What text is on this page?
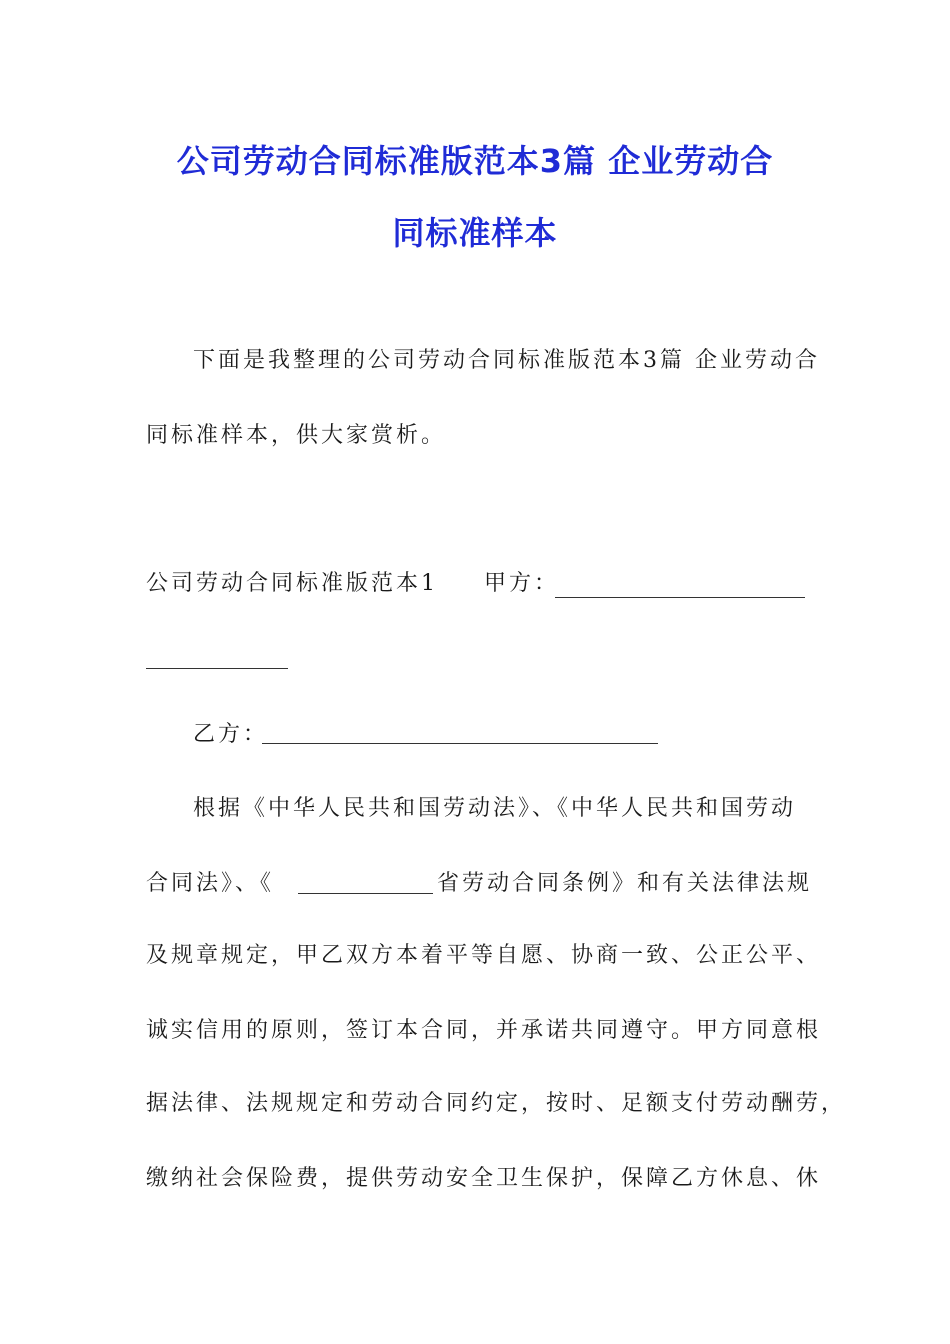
公司劳动合同标准版范本3篇 企业劳动合
同标准样本
下面是我整理的公司劳动合同标准版范本3篇 企业劳动合
同标准样本，供大家赏析。
公司劳动合同标准版范本1 甲方：
乙方：
根据《中华人民共和国劳动法》、《中华人民共和国劳动
合同法》、《	省劳动合同条例》和有关法律法规
及规章规定，甲乙双方本着平等自愿、协商一致、公正公平、
诚实信用的原则，签订本合同，并承诺共同遵守。甲方同意根
据法律、法规规定和劳动合同约定，按时、足额支付劳动酬劳，
缴纳社会保险费，提供劳动安全卫生保护，保障乙方休息、休
